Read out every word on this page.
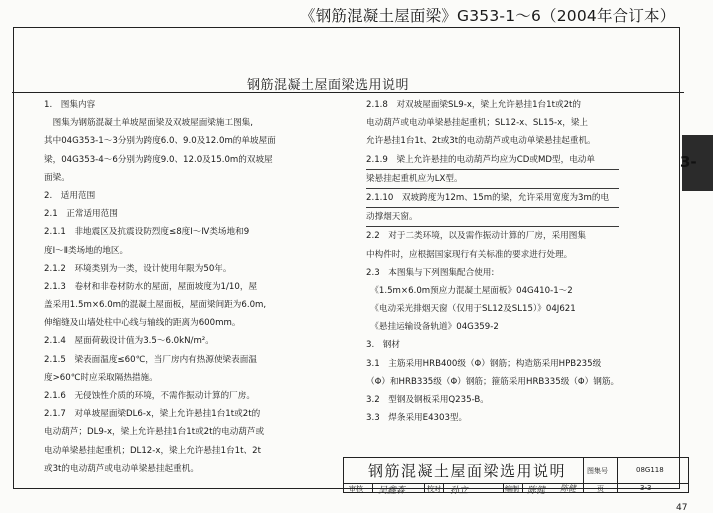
《钢筋混凝土屋面梁》G353-1～6（2004年合订本）
钢筋混凝土屋面梁选用说明
3-
1.　图集内容
　图集为钢筋混凝土单坡屋面梁及双坡屋面梁施工图集,
其中04G353-1～3分别为跨度6.0、9.0及12.0m的单坡屋面
梁，04G353-4～6分别为跨度9.0、12.0及15.0m的双坡屋
面梁。
2.　适用范围
2.1　正常适用范围
2.1.1　非地震区及抗震设防烈度≤8度Ⅰ～Ⅳ类场地和9
度Ⅰ～Ⅱ类场地的地区。
2.1.2　环境类别为一类，设计使用年限为50年。
2.1.3　卷材和非卷材防水的屋面，屋面坡度为1/10，屋
盖采用1.5m×6.0m的混凝土屋面板，屋面梁间距为6.0m,
伸缩缝及山墙处柱中心线与轴线的距离为600mm。
2.1.4　屋面荷载设计值为3.5～6.0kN/m²。
2.1.5　梁表面温度≤60℃，当厂房内有热源使梁表面温
度>60℃时应采取隔热措施。
2.1.6　无侵蚀性介质的环境，不需作振动计算的厂房。
2.1.7　对单坡屋面梁DL6-x，梁上允许悬挂1台1t或2t的
电动葫芦；DL9-x，梁上允许悬挂1台1t或2t的电动葫芦或
电动单梁悬挂起重机；DL12-x，梁上允许悬挂1台1t、2t
或3t的电动葫芦或电动单梁悬挂起重机。
2.1.8　对双坡屋面梁SL9-x，梁上允许悬挂1台1t或2t的
电动葫芦或电动单梁悬挂起重机；SL12-x、SL15-x，梁上
允许悬挂1台1t、2t或3t的电动葫芦或电动单梁悬挂起重机。
2.1.9　梁上允许悬挂的电动葫芦均应为CD或MD型，电动单
梁悬挂起重机应为LX型。
2.1.10　双坡跨度为12m、15m的梁，允许采用宽度为3m的电
动撑烟天窗。
2.2　对于二类环境，以及需作振动计算的厂房，采用图集
中构件时，应根据国家现行有关标准的要求进行处理。
2.3　本图集与下列图集配合使用:
　《1.5m×6.0m预应力混凝土屋面板》04G410-1～2
　《电动采光排烟天窗（仅用于SL12及SL15）》04J621
　《悬挂运输设备轨道》04G359-2
3.　钢材
3.1　主筋采用HRB400级（Φ）钢筋；构造筋采用HPB235级
（Φ）和HRB335级（Φ）钢筋；箍筋采用HRB335级（Φ）钢筋。
3.2　型钢及钢板采用Q235-B。
3.3　焊条采用E4303型。
钢筋混凝土屋面梁选用说明	图集号	08G118
审核 吴鑫森	校对 孙立	编制 陈健 陈健	页	3-3
47
